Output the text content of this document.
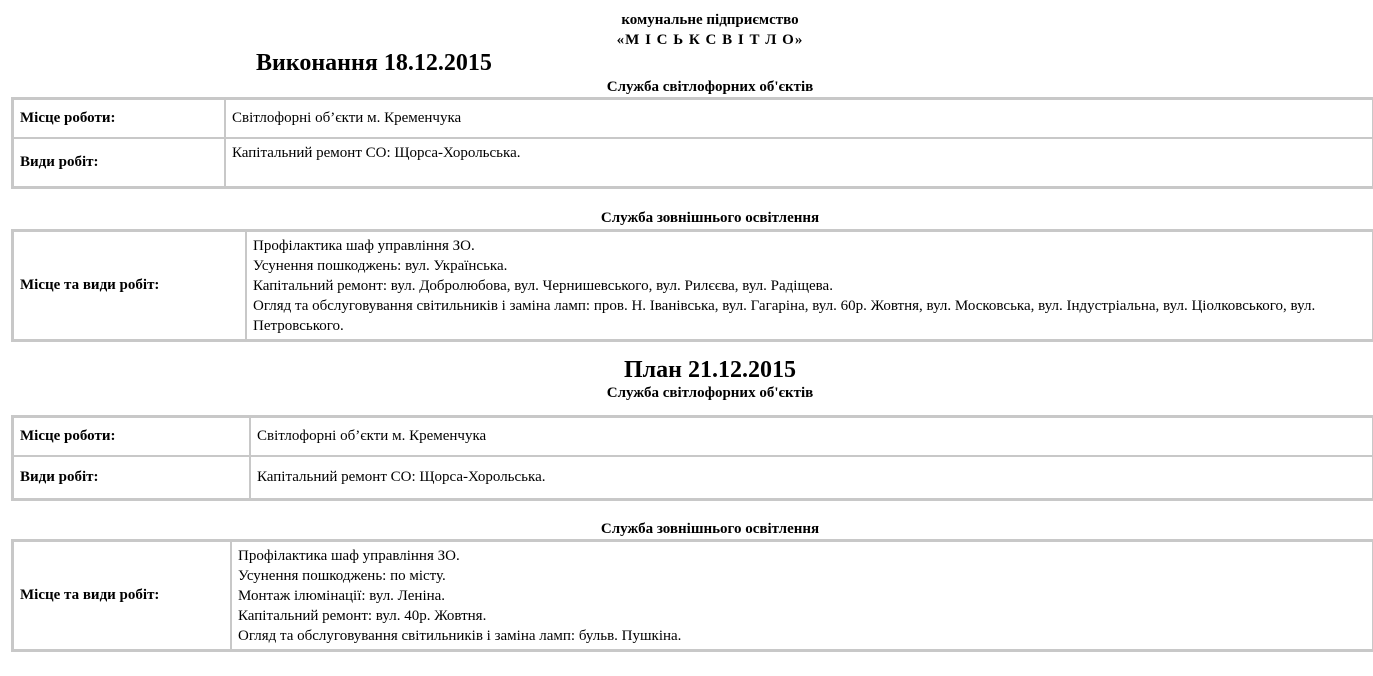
комунальне підприємство
«М І С Ь К С В І Т Л О»
Виконання 18.12.2015
Служба світлофорних об'єктів
Місце роботи:	Світлофорні об’єкти м. Кременчука
Види робіт:	Капітальний ремонт СО: Щорса-Хорольська.
Служба зовнішнього освітлення
Місце та види робіт:	
Профілактика шаф управління ЗО.
Усунення пошкоджень: вул. Українська.
Капітальний ремонт: вул. Добролюбова, вул. Чернишевського, вул. Рилєєва, вул. Радіщева.
Огляд та обслуговування світильників і заміна ламп: пров. Н. Іванівська, вул. Гагаріна, вул. 60р. Жовтня, вул. Московська, вул. Індустріальна, вул. Ціолковського, вул. Петровського.
План 21.12.2015
Служба світлофорних об'єктів
Місце роботи:	Світлофорні об’єкти м. Кременчука
Види робіт:	Капітальний ремонт СО: Щорса-Хорольська.
Служба зовнішнього освітлення
Місце та види робіт:	
Профілактика шаф управління ЗО.
Усунення пошкоджень: по місту.
Монтаж ілюмінації: вул. Леніна.
Капітальний ремонт: вул. 40р. Жовтня.
Огляд та обслуговування світильників і заміна ламп: бульв. Пушкіна.
